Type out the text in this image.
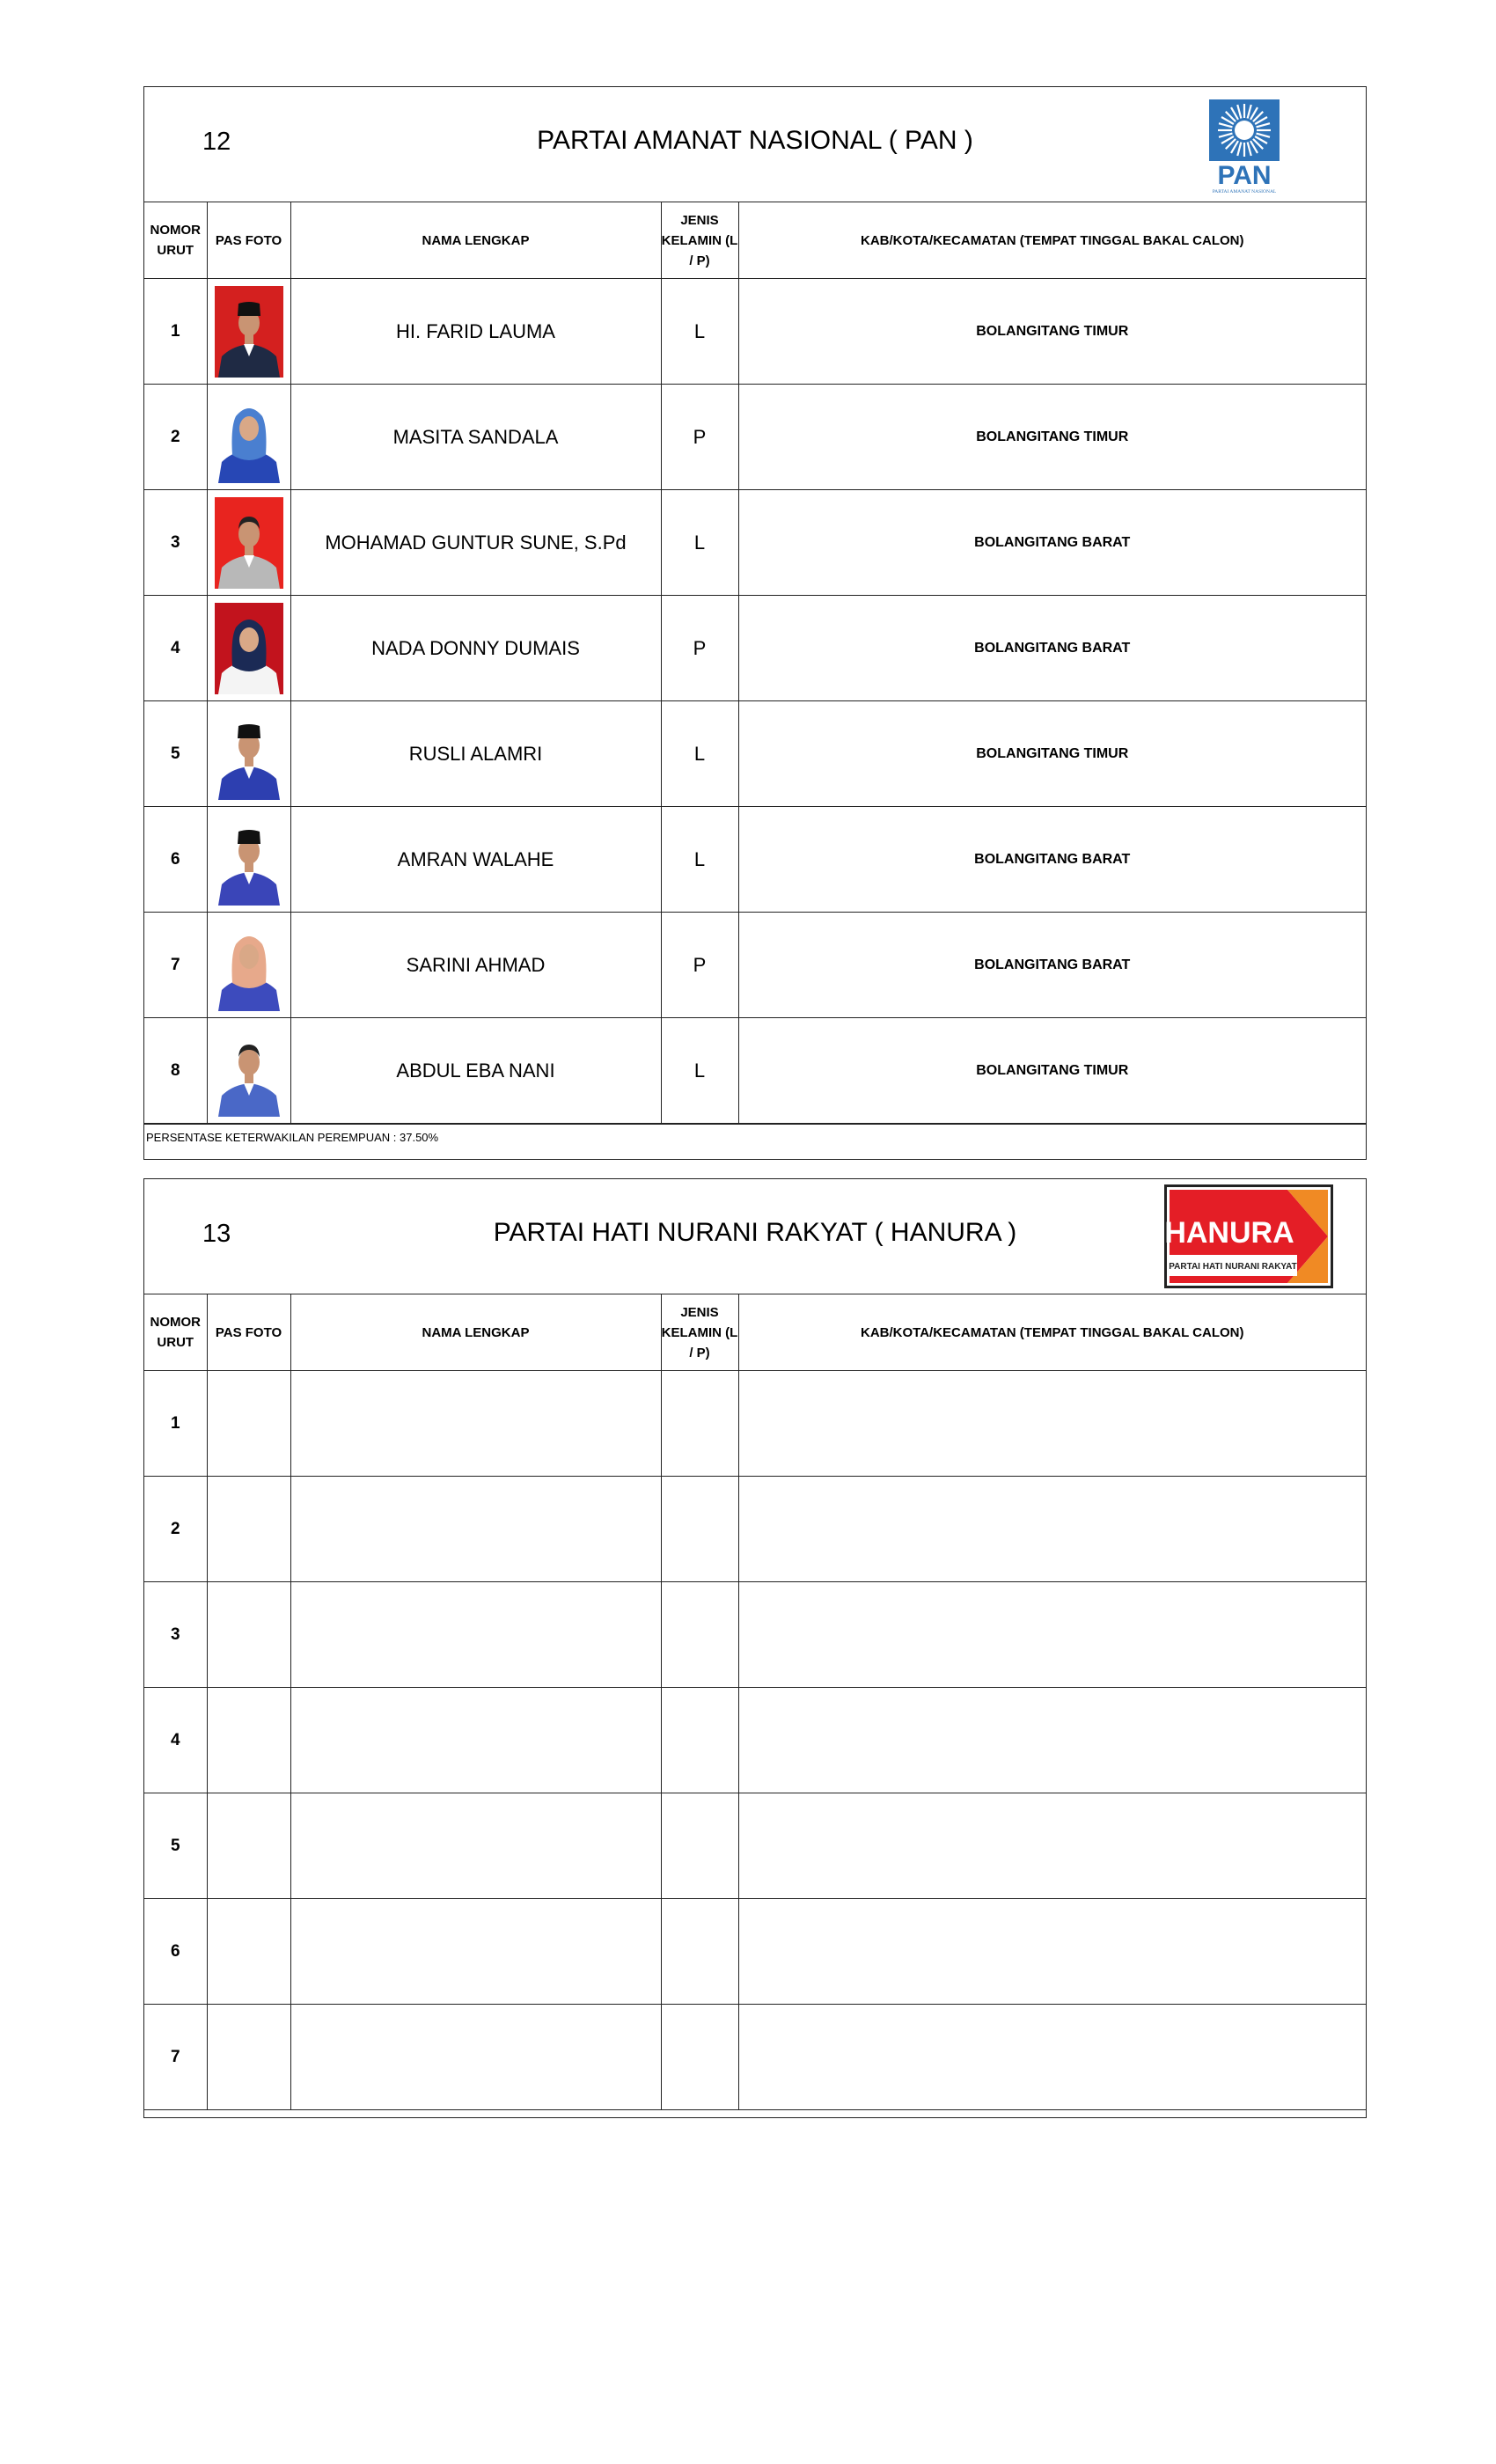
12	PARTAI AMANAT NASIONAL ( PAN )
PAN
PARTAI AMANAT NASIONAL
NOMOR URUT	PAS FOTO	NAMA LENGKAP	JENIS KELAMIN (L / P)	KAB/KOTA/KECAMATAN (TEMPAT TINGGAL BAKAL CALON)
1		HI. FARID LAUMA	L	BOLANGITANG TIMUR
2		MASITA SANDALA	P	BOLANGITANG TIMUR
3		MOHAMAD GUNTUR SUNE, S.Pd	L	BOLANGITANG BARAT
4		NADA DONNY DUMAIS	P	BOLANGITANG BARAT
5		RUSLI ALAMRI	L	BOLANGITANG TIMUR
6		AMRAN WALAHE	L	BOLANGITANG BARAT
7		SARINI AHMAD	P	BOLANGITANG BARAT
8		ABDUL EBA NANI	L	BOLANGITANG TIMUR
PERSENTASE KETERWAKILAN PEREMPUAN : 37.50%
13	PARTAI HATI NURANI RAKYAT ( HANURA )	HANURA
PARTAI HATI NURANI RAKYAT
NOMOR URUT	PAS FOTO	NAMA LENGKAP	JENIS KELAMIN (L / P)	KAB/KOTA/KECAMATAN (TEMPAT TINGGAL BAKAL CALON)
1				
2				
3				
4				
5				
6				
7				
